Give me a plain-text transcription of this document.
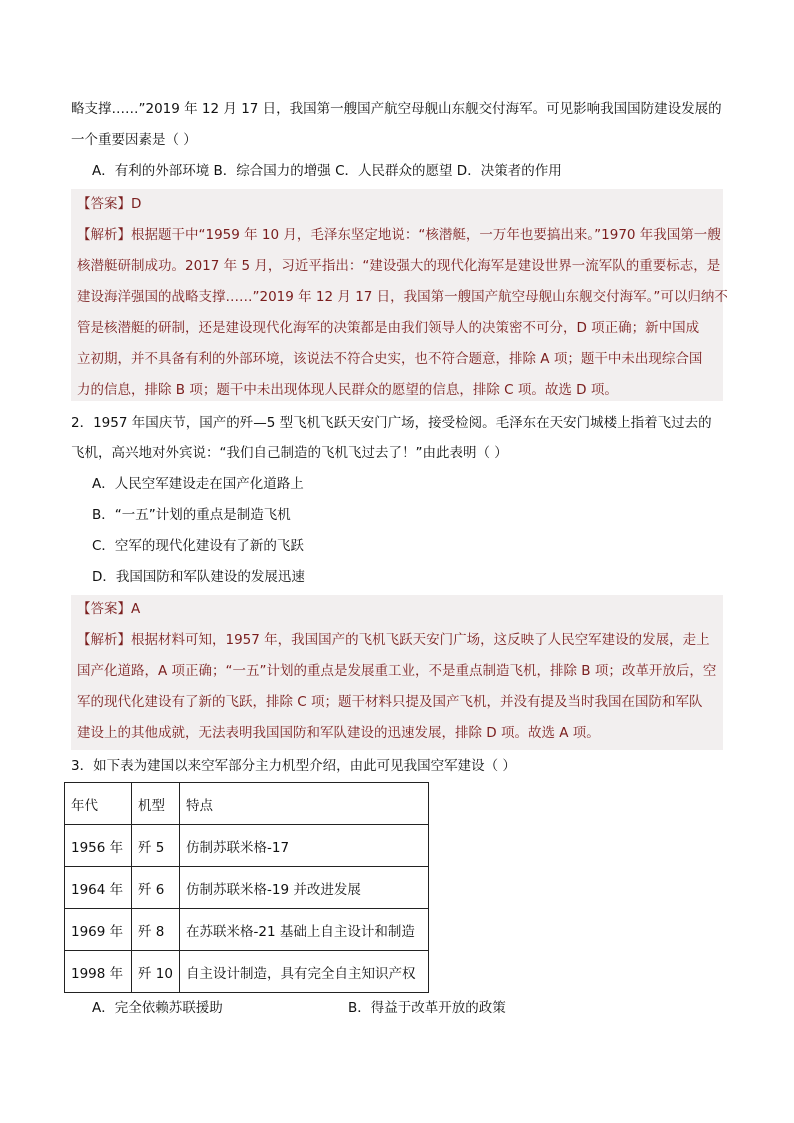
略支撑……”2019 年 12 月 17 日，我国第一艘国产航空母舰山东舰交付海军。可见影响我国国防建设发展的
一个重要因素是（ ）
A．有利的外部环境 B．综合国力的增强 C．人民群众的愿望 D．决策者的作用
【答案】D
【解析】根据题干中“1959 年 10 月，毛泽东坚定地说：“核潜艇，一万年也要搞出来。”1970 年我国第一艘
核潜艇研制成功。2017 年 5 月，习近平指出：“建设强大的现代化海军是建设世界一流军队的重要标志，是
建设海洋强国的战略支撑……”2019 年 12 月 17 日，我国第一艘国产航空母舰山东舰交付海军。”可以归纳不
管是核潜艇的研制，还是建设现代化海军的决策都是由我们领导人的决策密不可分，D 项正确；新中国成
立初期，并不具备有利的外部环境，该说法不符合史实，也不符合题意，排除 A 项；题干中未出现综合国
力的信息，排除 B 项；题干中未出现体现人民群众的愿望的信息，排除 C 项。故选 D 项。
2．1957 年国庆节，国产的歼—5 型飞机飞跃天安门广场，接受检阅。毛泽东在天安门城楼上指着飞过去的
飞机，高兴地对外宾说：“我们自己制造的飞机飞过去了！”由此表明（ ）
A．人民空军建设走在国产化道路上
B．“一五”计划的重点是制造飞机
C．空军的现代化建设有了新的飞跃
D．我国国防和军队建设的发展迅速
【答案】A
【解析】根据材料可知，1957 年，我国国产的飞机飞跃天安门广场，这反映了人民空军建设的发展，走上
国产化道路，A 项正确；“一五”计划的重点是发展重工业，不是重点制造飞机，排除 B 项；改革开放后，空
军的现代化建设有了新的飞跃，排除 C 项；题干材料只提及国产飞机，并没有提及当时我国在国防和军队
建设上的其他成就，无法表明我国国防和军队建设的迅速发展，排除 D 项。故选 A 项。
3．如下表为建国以来空军部分主力机型介绍，由此可见我国空军建设（ ）
年代	机型	特点
1956 年	歼 5	仿制苏联米格-17
1964 年	歼 6	仿制苏联米格-19 并改进发展
1969 年	歼 8	在苏联米格-21 基础上自主设计和制造
1998 年	歼 10	自主设计制造，具有完全自主知识产权
A．完全依赖苏联援助	B．得益于改革开放的政策
